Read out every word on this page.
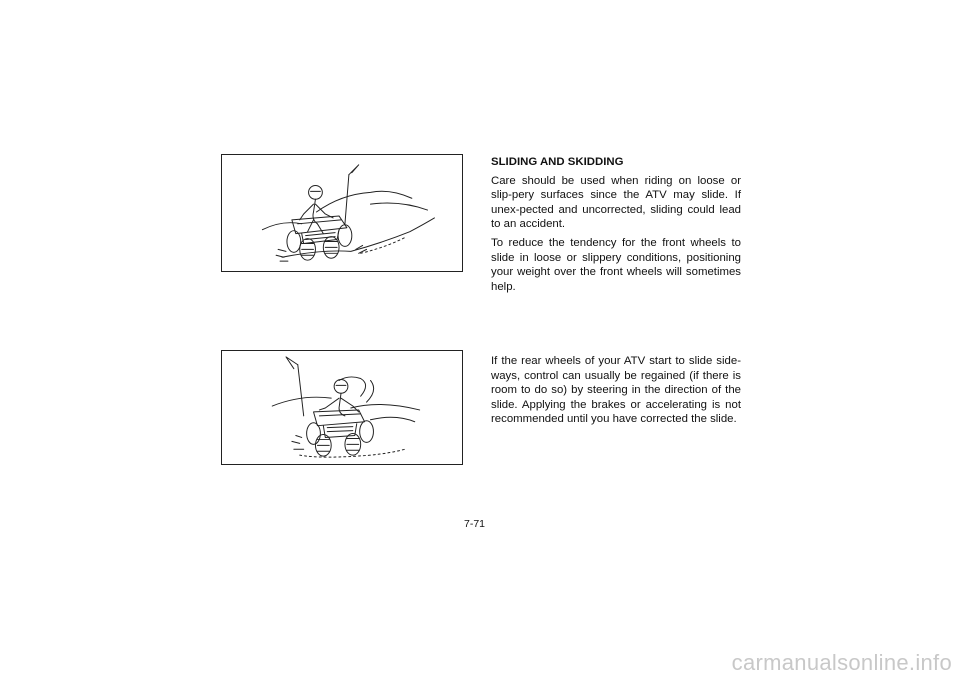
SLIDING AND SKIDDING

Care should be used when riding on loose or slip-pery surfaces since the ATV may slide. If unex-pected and uncorrected, sliding could lead to an accident.

To reduce the tendency for the front wheels to slide in loose or slippery conditions, positioning your weight over the front wheels will sometimes help.

If the rear wheels of your ATV start to slide side-ways, control can usually be regained (if there is room to do so) by steering in the direction of the slide. Applying the brakes or accelerating is not recommended until you have corrected the slide.

7-71
carmanualsonline.info
